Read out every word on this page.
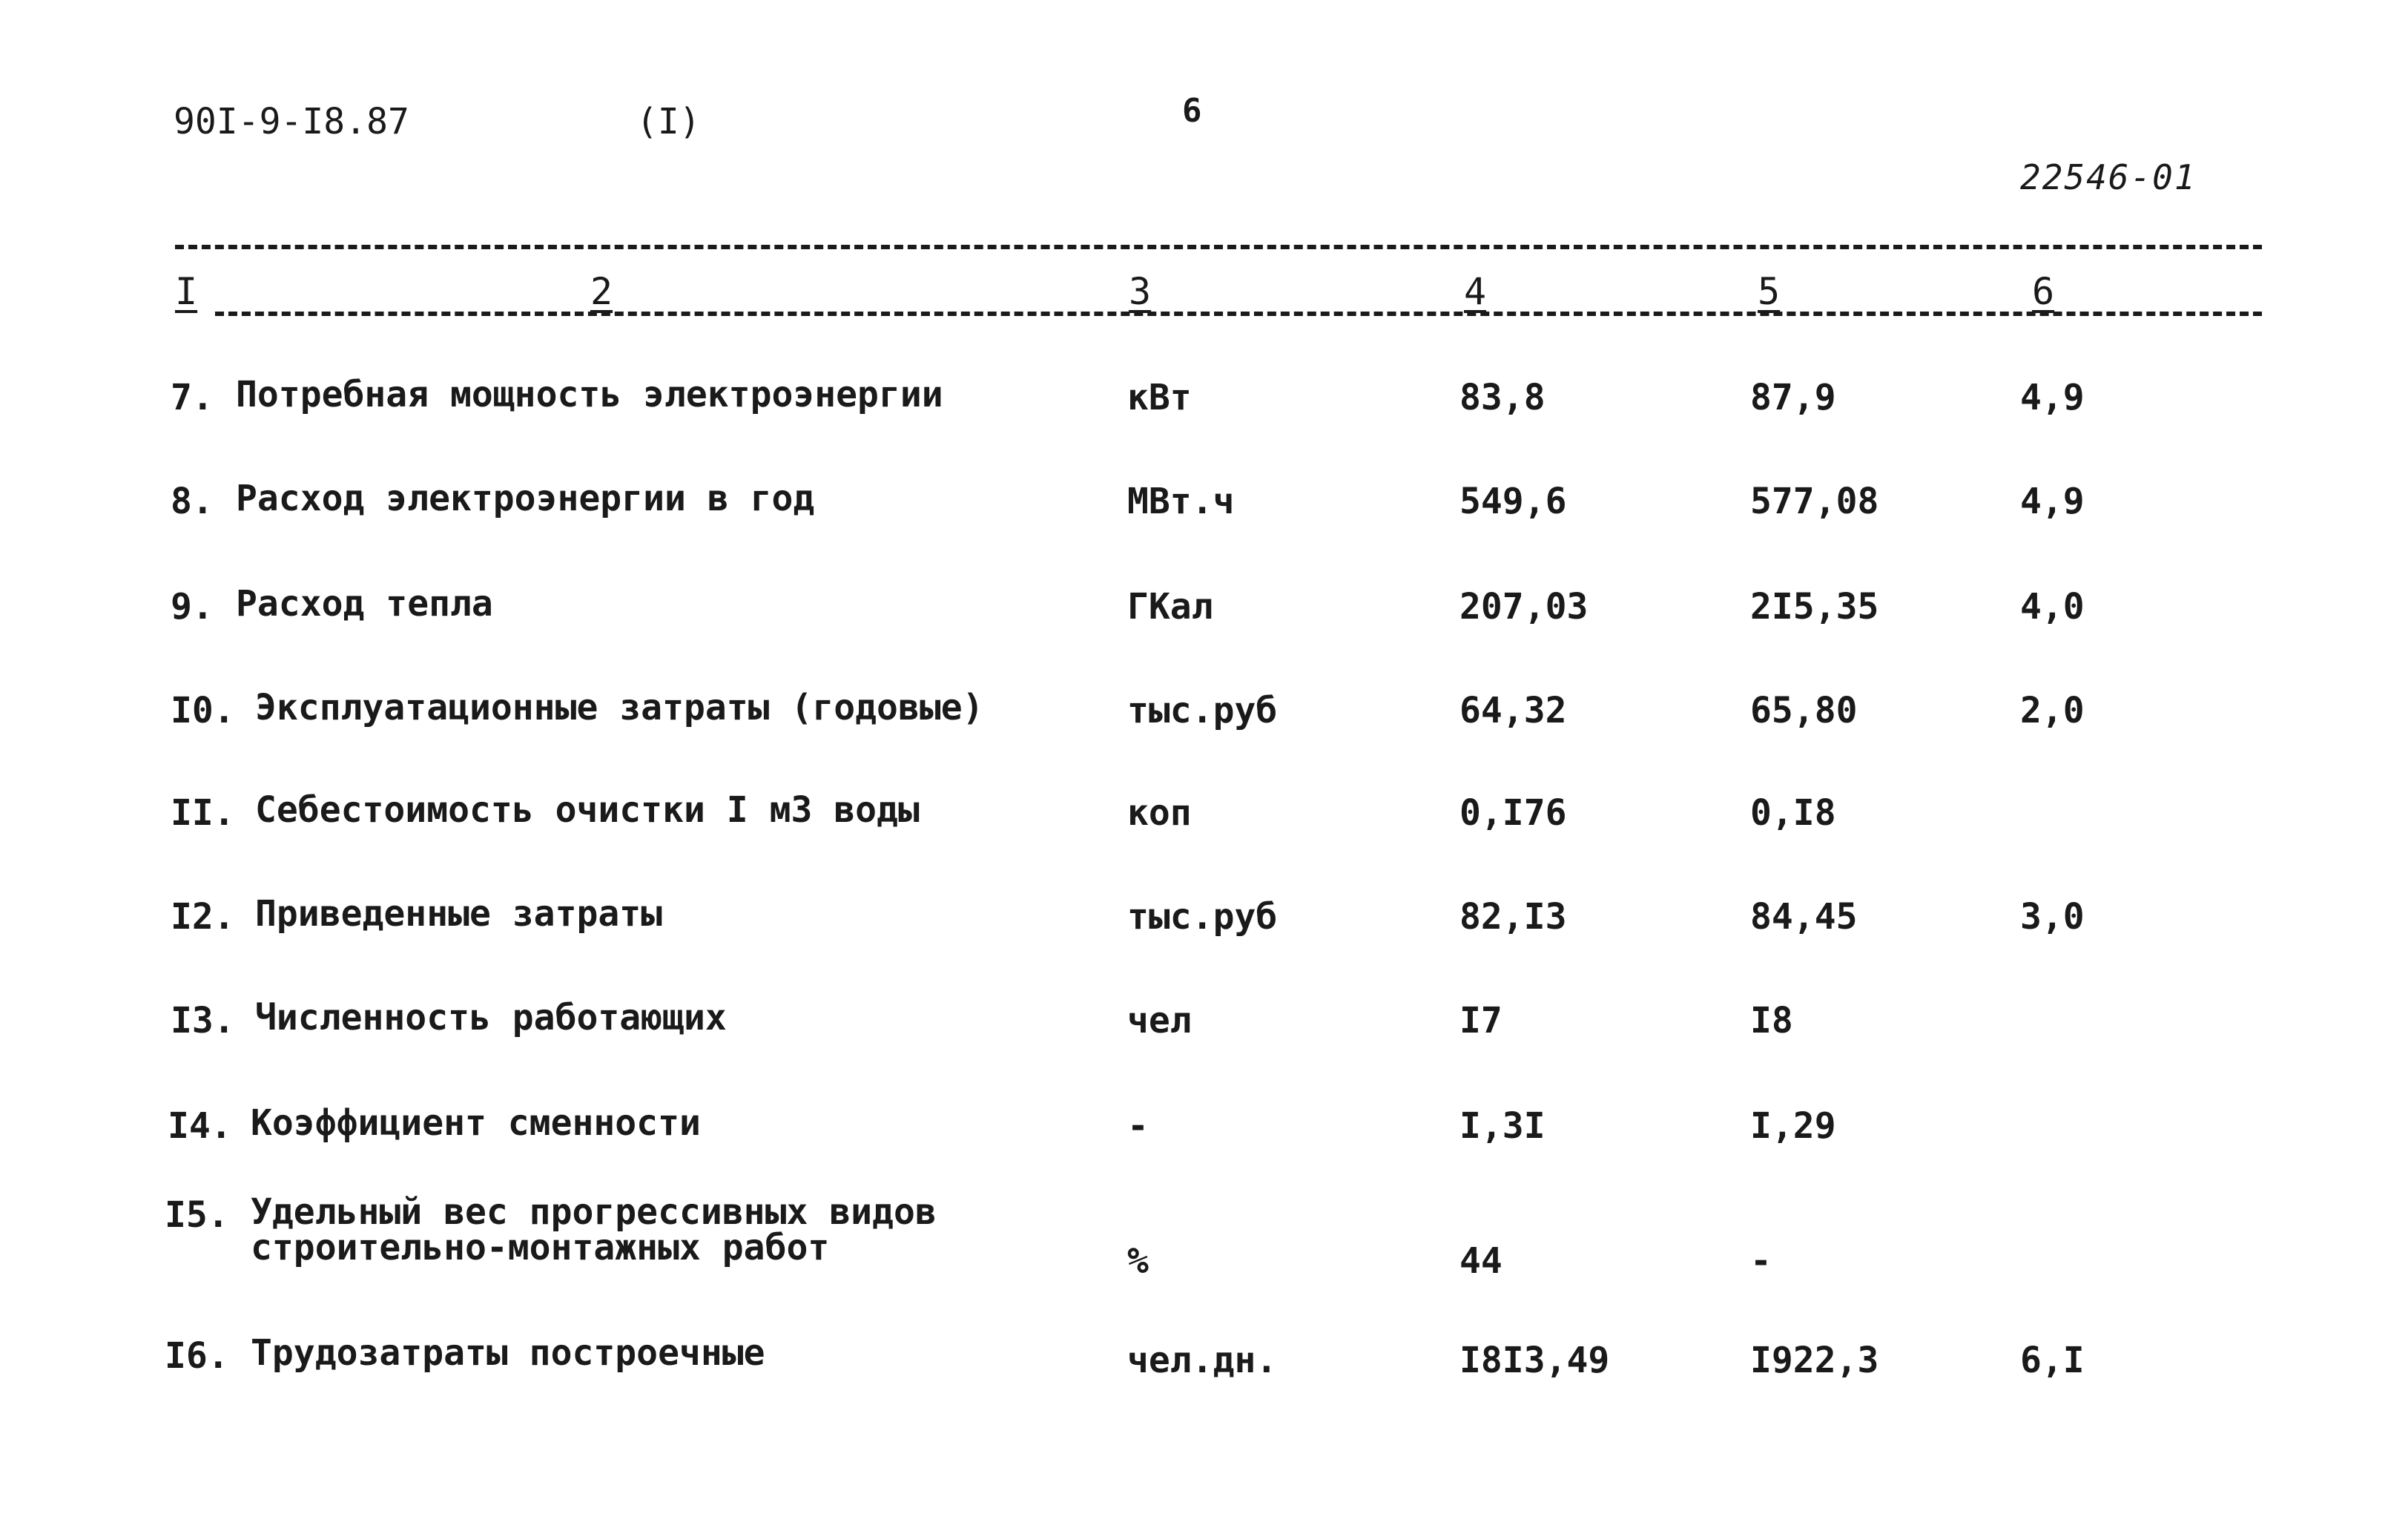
90I-9-I8.87	(I)	6
22546-01
I	2	3	4	5	6
7. Потребная мощность электроэнергии	кВт	83,8	87,9	4,9
8. Расход электроэнергии в год	МВт.ч	549,6	577,08	4,9
9. Расход тепла	ГКал	207,03	2I5,35	4,0
I0. Эксплуатационные затраты (годовые)	тыс.руб	64,32	65,80	2,0
II. Себестоимость очистки I м3 воды	коп	0,I76	0,I8
I2. Приведенные затраты	тыс.руб	82,I3	84,45	3,0
I3. Численность работающих	чел	I7	I8
I4. Коэффициент сменности	-	I,3I	I,29
I5. Удельный вес прогрессивных видов
строительно-монтажных работ	%	44	-
I6. Трудозатраты построечные	чел.дн.	I8I3,49	I922,3	6,I
